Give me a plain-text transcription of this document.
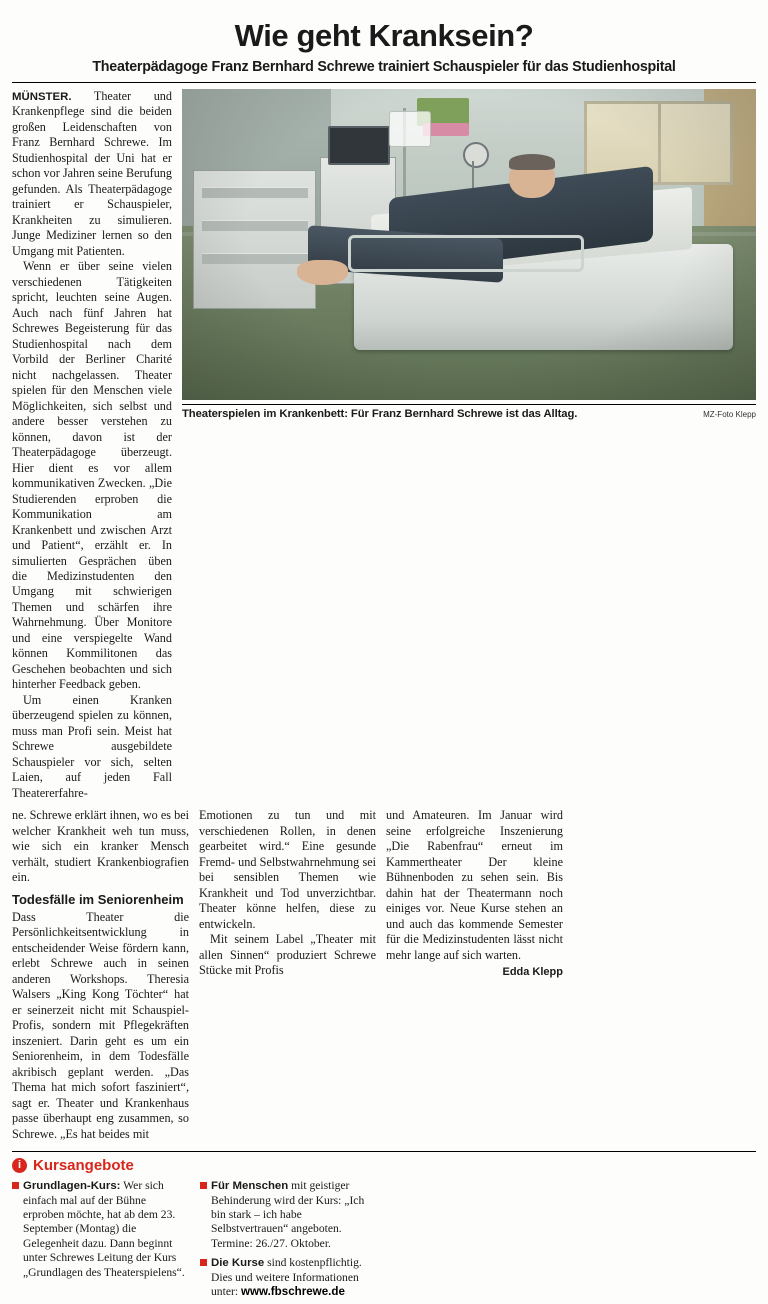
Wie geht Kranksein?
Theaterpädagoge Franz Bernhard Schrewe trainiert Schauspieler für das Studienhospital

MÜNSTER. Theater und Krankenpflege sind die beiden großen Leidenschaften von Franz Bernhard Schrewe. Im Studienhospital der Uni hat er schon vor Jahren seine Berufung gefunden. Als Theaterpädagoge trainiert er Schauspieler, Krankheiten zu simulieren. Junge Mediziner lernen so den Umgang mit Patienten.

Wenn er über seine vielen verschiedenen Tätigkeiten spricht, leuchten seine Augen. Auch nach fünf Jahren hat Schrewes Begeisterung für das Studienhospital nach dem Vorbild der Berliner Charité nicht nachgelassen. Theater spielen für den Menschen viele Möglichkeiten, sich selbst und andere besser verstehen zu können, davon ist der Theaterpädagoge überzeugt. Hier dient es vor allem kommunikativen Zwecken. „Die Studierenden erproben die Kommunikation am Krankenbett und zwischen Arzt und Patient“, erzählt er. In simulierten Gesprächen üben die Medizinstudenten den Umgang mit schwierigen Themen und schärfen ihre Wahrnehmung. Über Monitore und eine verspiegelte Wand können Kommilitonen das Geschehen beobachten und sich hinterher Feedback geben.

Um einen Kranken überzeugend spielen zu können, muss man Profi sein. Meist hat Schrewe ausgebildete Schauspieler vor sich, selten Laien, auf jeden Fall Theatererfahre-

Theaterspielen im Krankenbett: Für Franz Bernhard Schrewe ist das Alltag.	MZ-Foto Klepp

ne. Schrewe erklärt ihnen, wo es bei welcher Krankheit weh tun muss, wie sich ein kranker Mensch verhält, studiert Krankenbiografien ein.

Todesfälle im Seniorenheim

Dass Theater die Persönlichkeitsentwicklung in entscheidender Weise fördern kann, erlebt Schrewe auch in seinen anderen Workshops. Theresia Walsers „King Kong Töchter“ hat er seinerzeit nicht mit Schauspiel-Profis, sondern mit Pflegekräften inszeniert. Darin geht es um ein Seniorenheim, in dem Todesfälle akribisch geplant werden. „Das Thema hat mich sofort fasziniert“, sagt er. Theater und Krankenhaus passe überhaupt eng zusammen, so Schrewe. „Es hat beides mit

Emotionen zu tun und mit verschiedenen Rollen, in denen gearbeitet wird.“ Eine gesunde Fremd- und Selbstwahrnehmung sei bei sensiblen Themen wie Krankheit und Tod unverzichtbar. Theater könne helfen, diese zu entwickeln.

Mit seinem Label „Theater mit allen Sinnen“ produziert Schrewe Stücke mit Profis

und Amateuren. Im Januar wird seine erfolgreiche Inszenierung „Die Rabenfrau“ erneut im Kammertheater Der kleine Bühnenboden zu sehen sein. Bis dahin hat der Theatermann noch einiges vor. Neue Kurse stehen an und auch das kommende Semester für die Medizinstudenten lässt nicht mehr lange auf sich warten.

Edda Klepp
i Kursangebote
Grundlagen-Kurs: Wer sich einfach mal auf der Bühne erproben möchte, hat ab dem 23. September (Montag) die Gelegenheit dazu. Dann beginnt unter Schrewes Leitung der Kurs „Grundlagen des Theaterspielens“.
Für Menschen mit geistiger Behinderung wird der Kurs: „Ich bin stark – ich habe Selbstvertrauen“ angeboten. Termine: 26./27. Oktober.
Die Kurse sind kostenpflichtig. Dies und weitere Informationen unter: www.fbschrewe.de
